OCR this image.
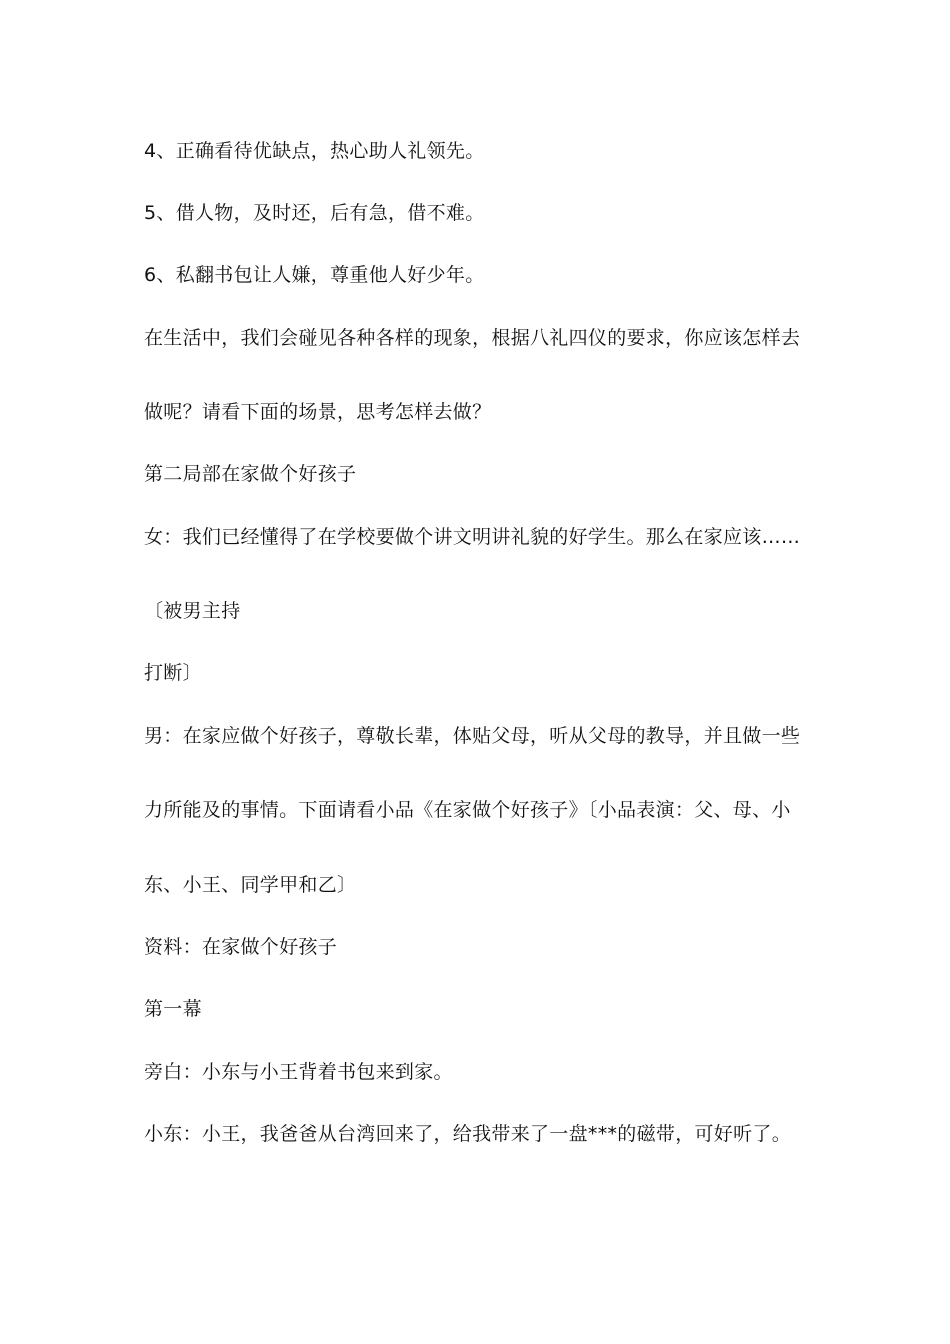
4、正确看待优缺点，热心助人礼领先。
5、借人物，及时还，后有急，借不难。
6、私翻书包让人嫌，尊重他人好少年。
在生活中，我们会碰见各种各样的现象，根据八礼四仪的要求，你应该怎样去
做呢？请看下面的场景，思考怎样去做？
第二局部在家做个好孩子
女：我们已经懂得了在学校要做个讲文明讲礼貌的好学生。那么在家应该……
〔被男主持
打断〕
男：在家应做个好孩子，尊敬长辈，体贴父母，听从父母的教导，并且做一些
力所能及的事情。下面请看小品《在家做个好孩子》〔小品表演：父、母、小
东、小王、同学甲和乙〕
资料：在家做个好孩子
第一幕
旁白：小东与小王背着书包来到家。
小东：小王，我爸爸从台湾回来了，给我带来了一盘***的磁带，可好听了。
